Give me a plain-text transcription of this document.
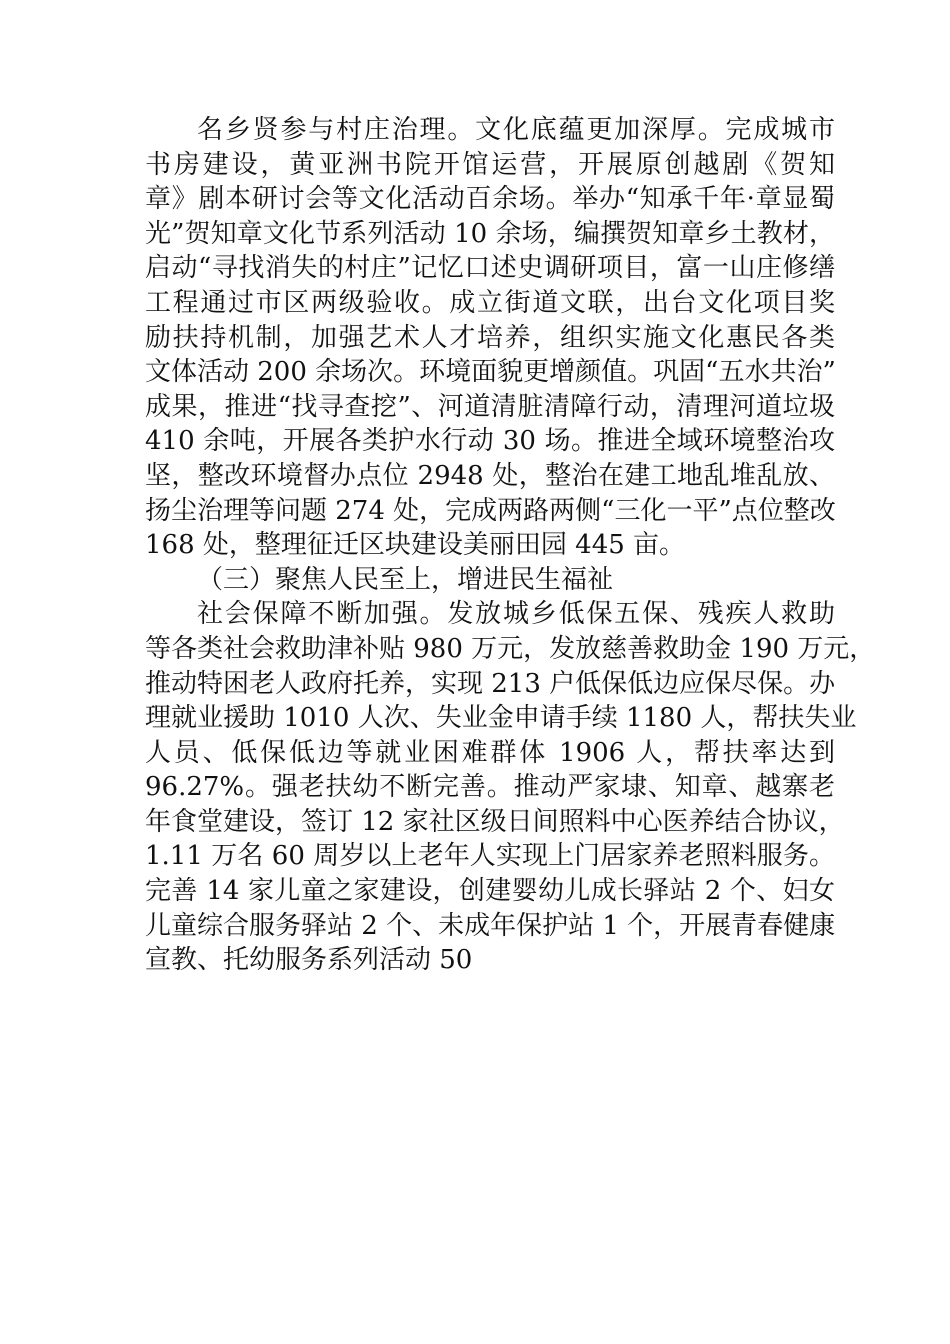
名乡贤参与村庄治理。文化底蕴更加深厚。完成城市
书房建设，黄亚洲书院开馆运营，开展原创越剧《贺知
章》剧本研讨会等文化活动百余场。举办“知承千年·章显蜀
光”贺知章文化节系列活动 10 余场，编撰贺知章乡土教材，
启动“寻找消失的村庄”记忆口述史调研项目，富一山庄修缮
工程通过市区两级验收。成立街道文联，出台文化项目奖
励扶持机制，加强艺术人才培养，组织实施文化惠民各类
文体活动 200 余场次。环境面貌更增颜值。巩固“五水共治”
成果，推进“找寻查挖”、河道清脏清障行动，清理河道垃圾
410 余吨，开展各类护水行动 30 场。推进全域环境整治攻
坚，整改环境督办点位 2948 处，整治在建工地乱堆乱放、
扬尘治理等问题 274 处，完成两路两侧“三化一平”点位整改
168 处，整理征迁区块建设美丽田园 445 亩。
（三）聚焦人民至上，增进民生福祉
社会保障不断加强。发放城乡低保五保、残疾人救助
等各类社会救助津补贴 980 万元，发放慈善救助金 190 万元，
推动特困老人政府托养，实现 213 户低保低边应保尽保。办
理就业援助 1010 人次、失业金申请手续 1180 人，帮扶失业
人员、低保低边等就业困难群体 1906 人，帮扶率达到
96.27%。强老扶幼不断完善。推动严家埭、知章、越寨老
年食堂建设，签订 12 家社区级日间照料中心医养结合协议，
1.11 万名 60 周岁以上老年人实现上门居家养老照料服务。
完善 14 家儿童之家建设，创建婴幼儿成长驿站 2 个、妇女
儿童综合服务驿站 2 个、未成年保护站 1 个，开展青春健康
宣教、托幼服务系列活动 50
